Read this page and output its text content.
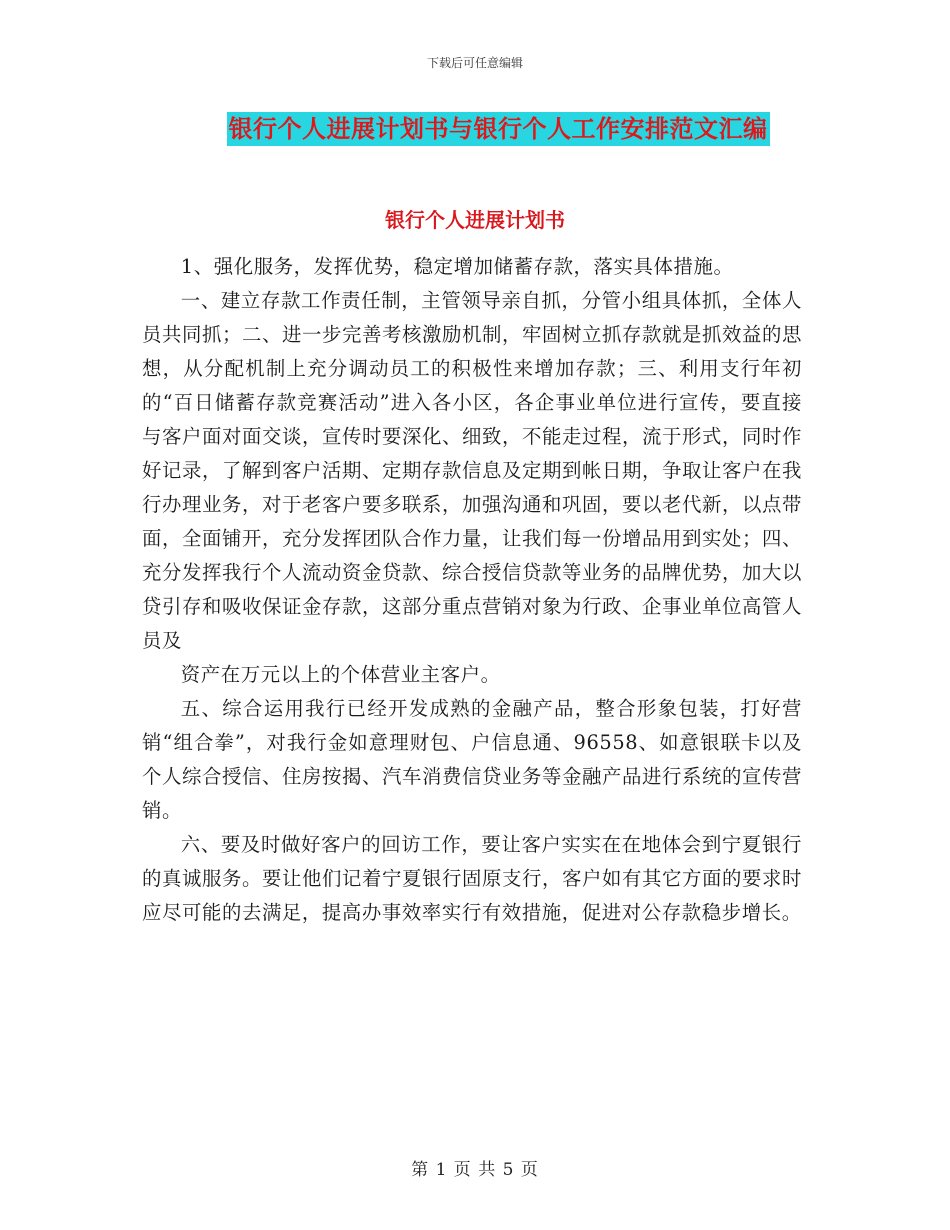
下载后可任意编辑
银行个人进展计划书与银行个人工作安排范文汇编
银行个人进展计划书

1、强化服务，发挥优势，稳定增加储蓄存款，落实具体措施。

一、建立存款工作责任制，主管领导亲自抓，分管小组具体抓，全体人员共同抓；二、进一步完善考核激励机制，牢固树立抓存款就是抓效益的思想，从分配机制上充分调动员工的积极性来增加存款；三、利用支行年初的“百日储蓄存款竞赛活动”进入各小区，各企事业单位进行宣传，要直接与客户面对面交谈，宣传时要深化、细致，不能走过程，流于形式，同时作好记录，了解到客户活期、定期存款信息及定期到帐日期，争取让客户在我行办理业务，对于老客户要多联系，加强沟通和巩固，要以老代新，以点带面，全面铺开，充分发挥团队合作力量，让我们每一份增品用到实处；四、充分发挥我行个人流动资金贷款、综合授信贷款等业务的品牌优势，加大以贷引存和吸收保证金存款，这部分重点营销对象为行政、企事业单位高管人员及

资产在万元以上的个体营业主客户。

五、综合运用我行已经开发成熟的金融产品，整合形象包装，打好营销“组合拳”，对我行金如意理财包、户信息通、96558、如意银联卡以及个人综合授信、住房按揭、汽车消费信贷业务等金融产品进行系统的宣传营销。

六、要及时做好客户的回访工作，要让客户实实在在地体会到宁夏银行的真诚服务。要让他们记着宁夏银行固原支行，客户如有其它方面的要求时应尽可能的去满足，提高办事效率实行有效措施，促进对公存款稳步增长。

第 1 页 共 5 页
